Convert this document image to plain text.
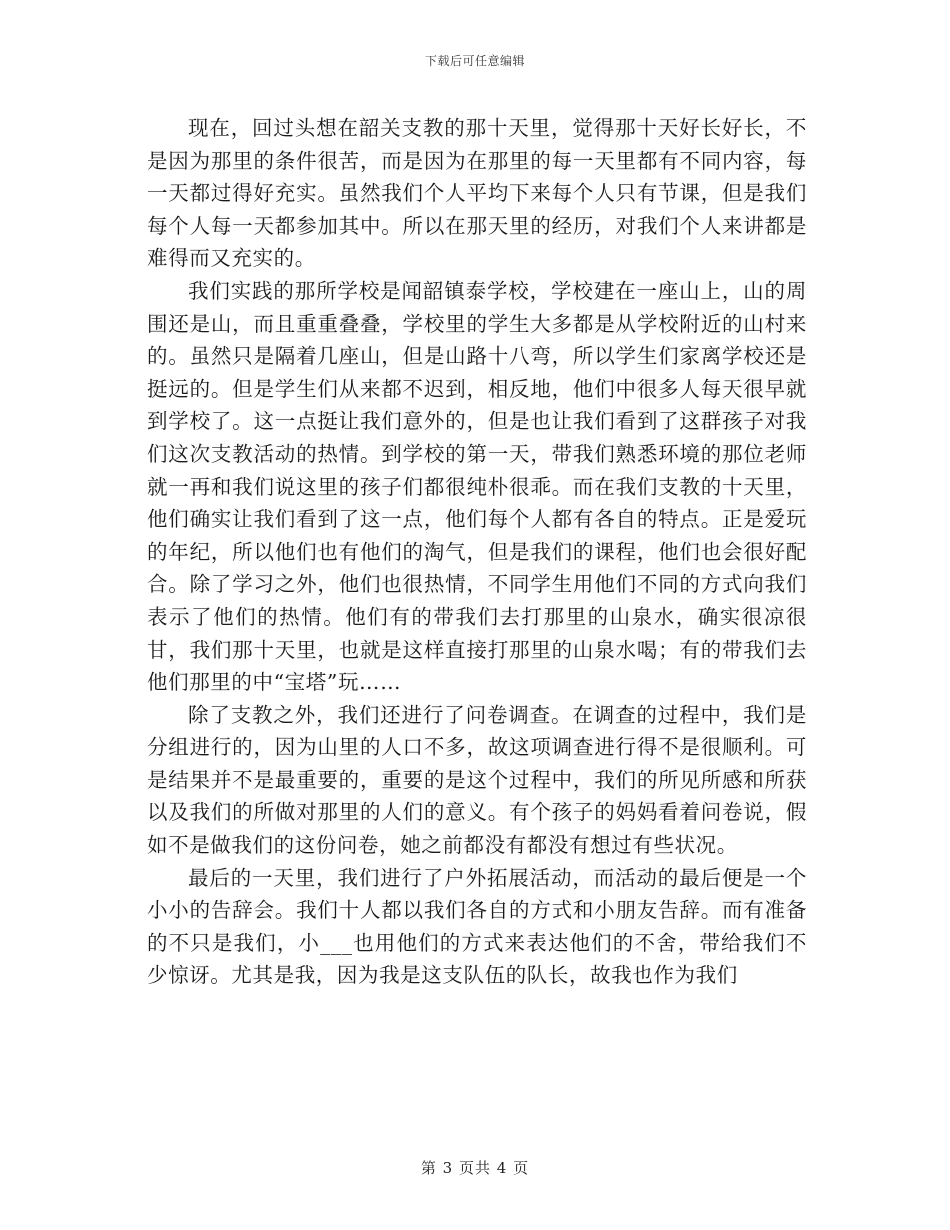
下载后可任意编辑

现在，回过头想在韶关支教的那十天里，觉得那十天好长好长，不是因为那里的条件很苦，而是因为在那里的每一天里都有不同内容，每一天都过得好充实。虽然我们个人平均下来每个人只有节课，但是我们每个人每一天都参加其中。所以在那天里的经历，对我们个人来讲都是难得而又充实的。

我们实践的那所学校是闻韶镇泰学校，学校建在一座山上，山的周围还是山，而且重重叠叠，学校里的学生大多都是从学校附近的山村来的。虽然只是隔着几座山，但是山路十八弯，所以学生们家离学校还是挺远的。但是学生们从来都不迟到，相反地，他们中很多人每天很早就到学校了。这一点挺让我们意外的，但是也让我们看到了这群孩子对我们这次支教活动的热情。到学校的第一天，带我们熟悉环境的那位老师就一再和我们说这里的孩子们都很纯朴很乖。而在我们支教的十天里，他们确实让我们看到了这一点，他们每个人都有各自的特点。正是爱玩的年纪，所以他们也有他们的淘气，但是我们的课程，他们也会很好配合。除了学习之外，他们也很热情，不同学生用他们不同的方式向我们表示了他们的热情。他们有的带我们去打那里的山泉水，确实很凉很甘，我们那十天里，也就是这样直接打那里的山泉水喝；有的带我们去他们那里的中“宝塔”玩……

除了支教之外，我们还进行了问卷调查。在调查的过程中，我们是分组进行的，因为山里的人口不多，故这项调查进行得不是很顺利。可是结果并不是最重要的，重要的是这个过程中，我们的所见所感和所获以及我们的所做对那里的人们的意义。有个孩子的妈妈看着问卷说，假如不是做我们的这份问卷，她之前都没有都没有想过有些状况。

最后的一天里，我们进行了户外拓展活动，而活动的最后便是一个小小的告辞会。我们十人都以我们各自的方式和小朋友告辞。而有准备的不只是我们，小___也用他们的方式来表达他们的不舍，带给我们不少惊讶。尤其是我，因为我是这支队伍的队长，故我也作为我们

第 3 页共 4 页
